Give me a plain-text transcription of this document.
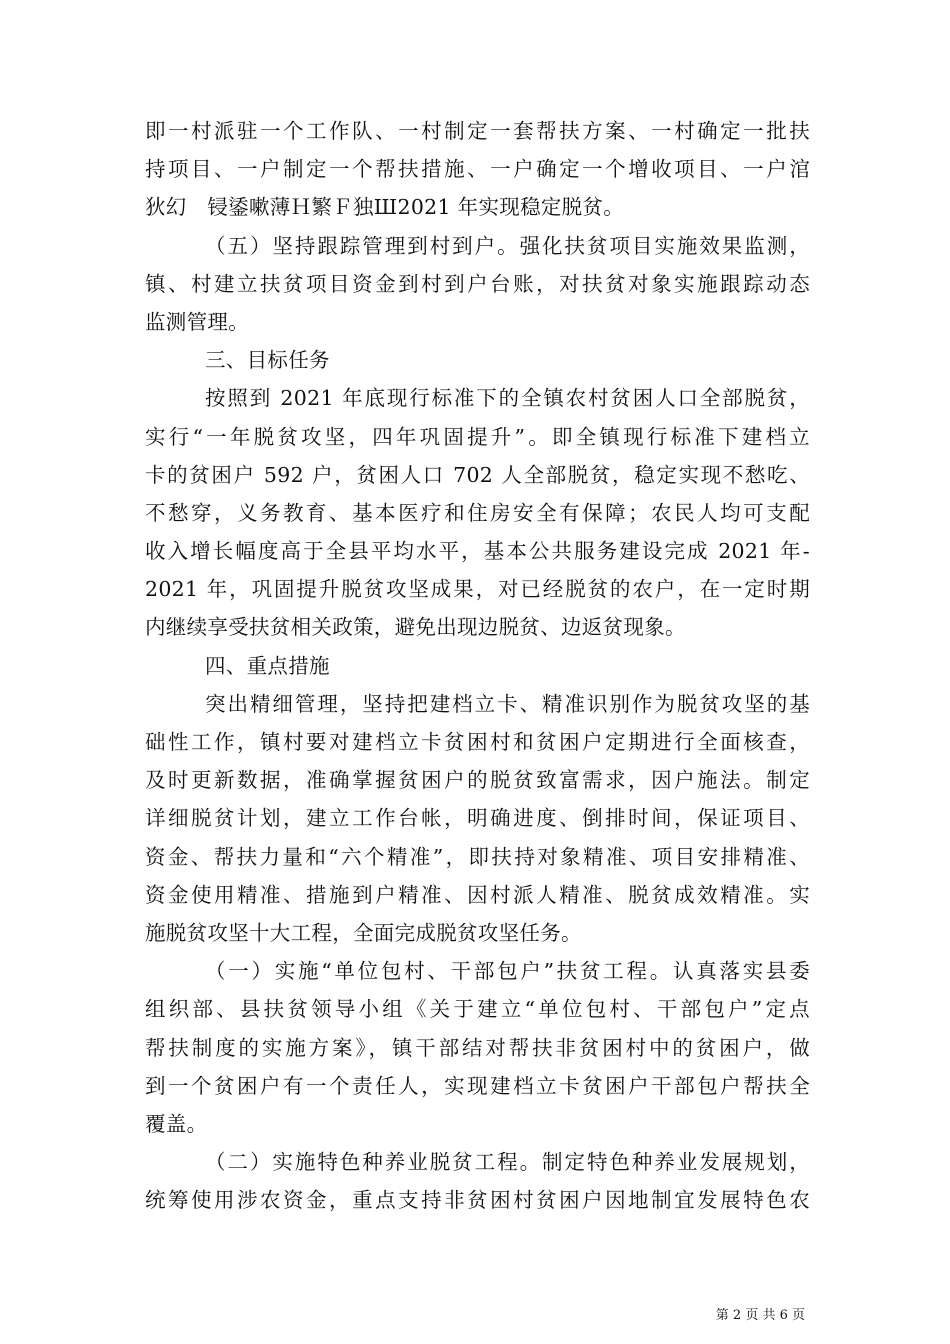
即一村派驻一个工作队、一村制定一套帮扶方案、一村确定一批扶
持项目、一户制定一个帮扶措施、一户确定一个增收项目、一户涫
狄幻　锓鋈嗽薄Ｈ繁Ｆ独Ш2021 年实现稳定脱贫。
（五）坚持跟踪管理到村到户。强化扶贫项目实施效果监测，
镇、村建立扶贫项目资金到村到户台账，对扶贫对象实施跟踪动态
监测管理。
三、目标任务
按照到 2021 年底现行标准下的全镇农村贫困人口全部脱贫，
实行“一年脱贫攻坚，四年巩固提升”。即全镇现行标准下建档立
卡的贫困户 592 户，贫困人口 702 人全部脱贫，稳定实现不愁吃、
不愁穿，义务教育、基本医疗和住房安全有保障；农民人均可支配
收入增长幅度高于全县平均水平，基本公共服务建设完成 2021 年-
2021 年，巩固提升脱贫攻坚成果，对已经脱贫的农户，在一定时期
内继续享受扶贫相关政策，避免出现边脱贫、边返贫现象。
四、重点措施
突出精细管理，坚持把建档立卡、精准识别作为脱贫攻坚的基
础性工作，镇村要对建档立卡贫困村和贫困户定期进行全面核查，
及时更新数据，准确掌握贫困户的脱贫致富需求，因户施法。制定
详细脱贫计划，建立工作台帐，明确进度、倒排时间，保证项目、
资金、帮扶力量和“六个精准”，即扶持对象精准、项目安排精准、
资金使用精准、措施到户精准、因村派人精准、脱贫成效精准。实
施脱贫攻坚十大工程，全面完成脱贫攻坚任务。
（一）实施“单位包村、干部包户”扶贫工程。认真落实县委
组织部、县扶贫领导小组《关于建立“单位包村、干部包户”定点
帮扶制度的实施方案》，镇干部结对帮扶非贫困村中的贫困户，做
到一个贫困户有一个责任人，实现建档立卡贫困户干部包户帮扶全
覆盖。
（二）实施特色种养业脱贫工程。制定特色种养业发展规划，
统筹使用涉农资金，重点支持非贫困村贫困户因地制宜发展特色农
第 2 页 共 6 页
